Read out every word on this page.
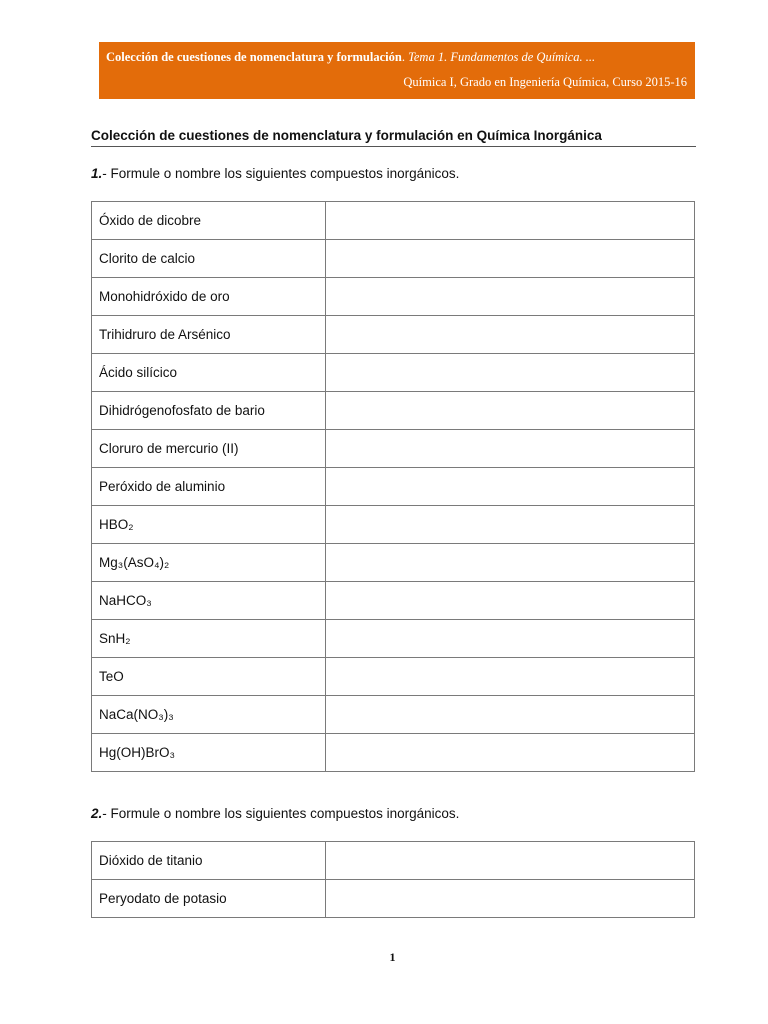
Colección de cuestiones de nomenclatura y formulación. Tema 1. Fundamentos de Química. ...
Química I, Grado en Ingeniería Química, Curso 2015-16
Colección de cuestiones de nomenclatura y formulación en Química Inorgánica
1.- Formule o nombre los siguientes compuestos inorgánicos.
Óxido de dicobre	
Clorito de calcio	
Monohidróxido de oro	
Trihidruro de Arsénico	
Ácido silícico	
Dihidrógenofosfato de bario	
Cloruro de mercurio (II)	
Peróxido de aluminio	
HBO₂	
Mg₃(AsO₄)₂	
NaHCO₃	
SnH₂	
TeO	
NaCa(NO₃)₃	
Hg(OH)BrO₃	
2.- Formule o nombre los siguientes compuestos inorgánicos.
Dióxido de titanio	
Peryodato de potasio	
1
